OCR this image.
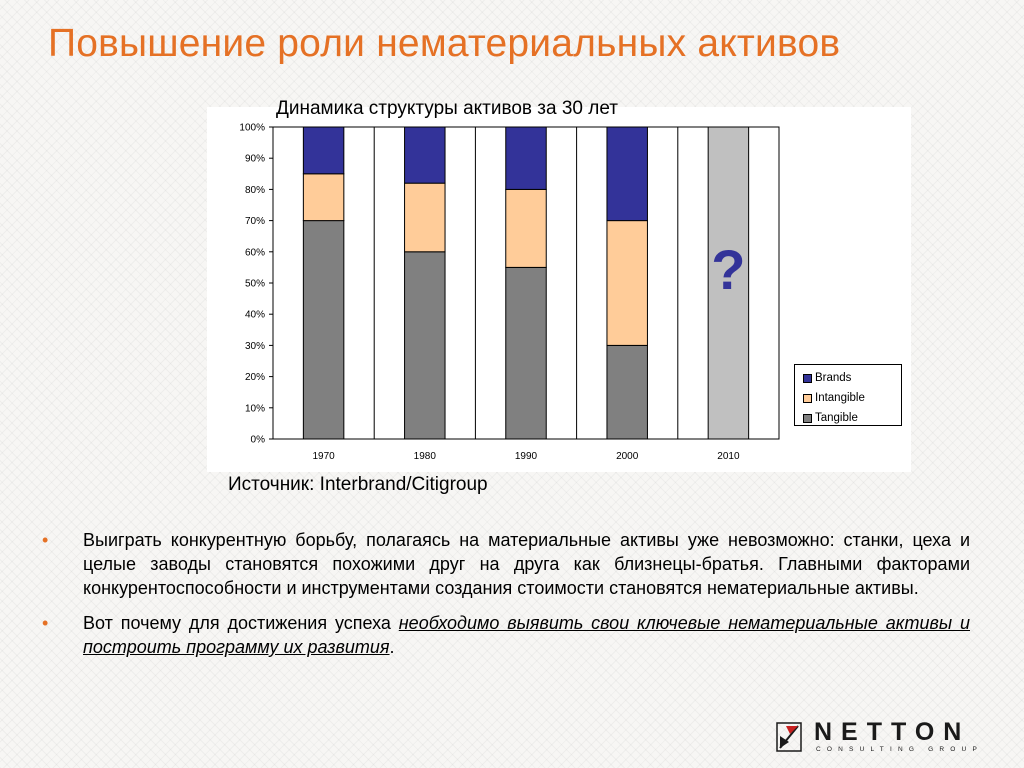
Повышение роли нематериальных активов
0%
10%
20%
30%
40%
50%
60%
70%
80%
90%
100%
1970	1980	1990	2000
?
2010
Динамика структуры активов за 30 лет
Brands
Intangible
Tangible
Источник: Interbrand/Citigroup
• Выиграть конкурентную борьбу, полагаясь на материальные активы уже невозможно: станки, цеха и целые заводы становятся похожими друг на друга как близнецы-братья. Главными факторами конкурентоспособности и инструментами создания стоимости становятся нематериальные активы.
• Вот почему для достижения успеха необходимо выявить свои ключевые нематериальные активы и построить программу их развития.
NETTON
CONSULTING GROUP
